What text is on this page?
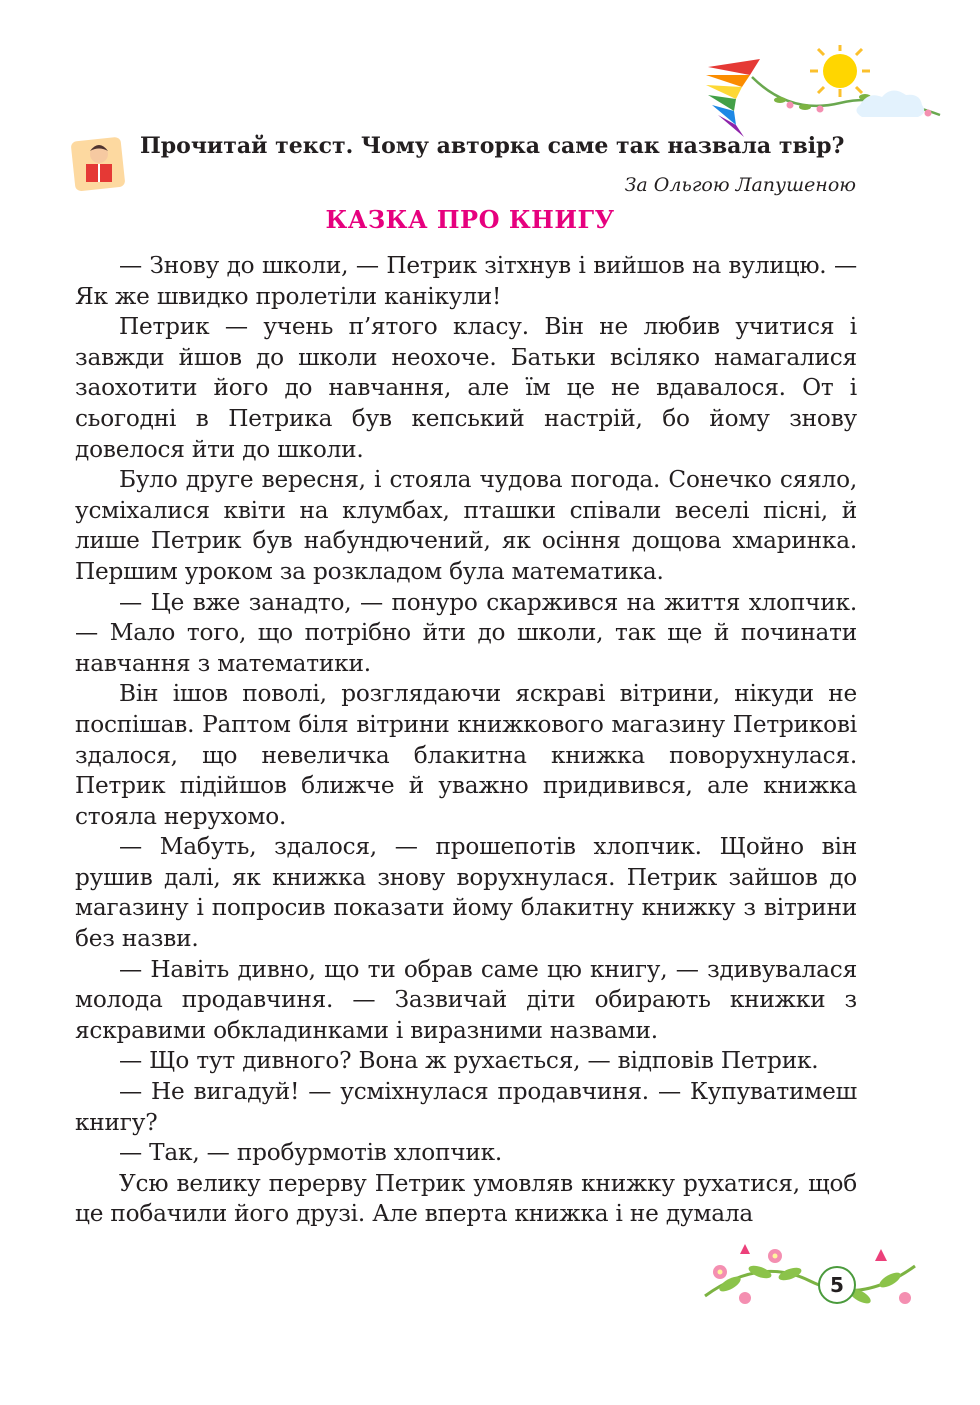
Прочитай текст. Чому авторка саме так назвала твір?

За Ольгою Лапушеною

КАЗКА ПРО КНИГУ

— Знову до школи, — Петрик зітхнув і вийшов на вулицю. — Як же швидко пролетіли канікули!

Петрик — учень п’ятого класу. Він не любив учитися і завжди йшов до школи неохоче. Батьки всіляко намагалися заохотити його до навчання, але їм це не вдавалося. От і сьогодні в Петрика був кепський настрій, бо йому знову довелося йти до школи.

Було друге вересня, і стояла чудова погода. Сонечко сяяло, усміхалися квіти на клумбах, пташки співали веселі пісні, й лише Петрик був набундючений, як осіння дощова хмаринка. Першим уроком за розкладом була математика.

— Це вже занадто, — понуро скаржився на життя хлопчик. — Мало того, що потрібно йти до школи, так ще й починати навчання з математики.

Він ішов поволі, розглядаючи яскраві вітрини, нікуди не поспішав. Раптом біля вітрини книжкового магазину Петрикові здалося, що невеличка блакитна книжка поворухнулася. Петрик підійшов ближче й уважно придивився, але книжка стояла нерухомо.

— Мабуть, здалося, — прошепотів хлопчик. Щойно він рушив далі, як книжка знову ворухнулася. Петрик зайшов до магазину і попросив показати йому блакитну книжку з вітрини без назви.

— Навіть дивно, що ти обрав саме цю книгу, — здивувалася молода продавчиня. — Зазвичай діти обирають книжки з яскравими обкладинками і виразними назвами.

— Що тут дивного? Вона ж рухається, — відповів Петрик.

— Не вигадуй! — усміхнулася продавчиня. — Купуватимеш книгу?

— Так, — пробурмотів хлопчик.

Усю велику перерву Петрик умовляв книжку рухатися, щоб це побачили його друзі. Але вперта книжка і не думала

5
